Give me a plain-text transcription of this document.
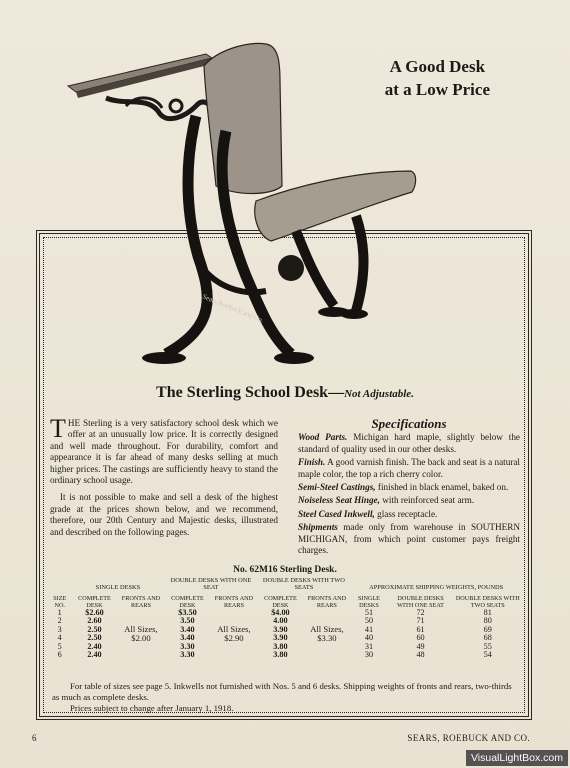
A Good Desk
at a Low Price
Sears,Roebuck and Co.
The Sterling School Desk—Not Adjustable.

THE Sterling is a very satisfactory school desk which we offer at an unusually low price. It is correctly designed and well made throughout. For durability, comfort and appearance it is far ahead of many desks selling at much higher prices. The castings are sufficiently heavy to stand the ordinary school usage.

It is not possible to make and sell a desk of the highest grade at the prices shown below, and we recommend, therefore, our 20th Century and Majestic desks, illustrated and described on the following pages.

Specifications

Wood Parts. Michigan hard maple, slightly below the standard of quality used in our other desks.

Finish. A good varnish finish. The back and seat is a natural maple color, the top a rich cherry color.

Semi-Steel Castings, finished in black enamel, baked on.

Noiseless Seat Hinge, with reinforced seat arm.

Steel Cased Inkwell, glass receptacle.

Shipments made only from warehouse in SOUTHERN MICHIGAN, from which point customer pays freight charges.

No. 62M16 Sterling Desk.
	SINGLE DESKS		DOUBLE DESKS WITH ONE SEAT		DOUBLE DESKS WITH TWO SEATS		APPROXIMATE SHIPPING WEIGHTS, POUNDS		
SIZE NO.	COMPLETE DESK	FRONTS AND REARS	COMPLETE DESK	FRONTS AND REARS	COMPLETE DESK	FRONTS AND REARS	SINGLE DESKS	DOUBLE DESKS WITH ONE SEAT	DOUBLE DESKS WITH TWO SEATS
1	$2.60	All Sizes, $2.00	$3.50	All Sizes, $2.90	$4.00	All Sizes, $3.30	51	72	81
2	2.60		3.50		4.00		50	71	80
3	2.50		3.40		3.90		41	61	69
4	2.50		3.40		3.90		40	60	68
5	2.40		3.30		3.80		31	49	55
6	2.40		3.30		3.80		30	48	54

For table of sizes see page 5. Inkwells not furnished with Nos. 5 and 6 desks. Shipping weights of fronts and rears, two-thirds as much as complete desks.

Prices subject to change after January 1, 1918.

6	SEARS, ROEBUCK AND CO.
VisualLightBox.com
